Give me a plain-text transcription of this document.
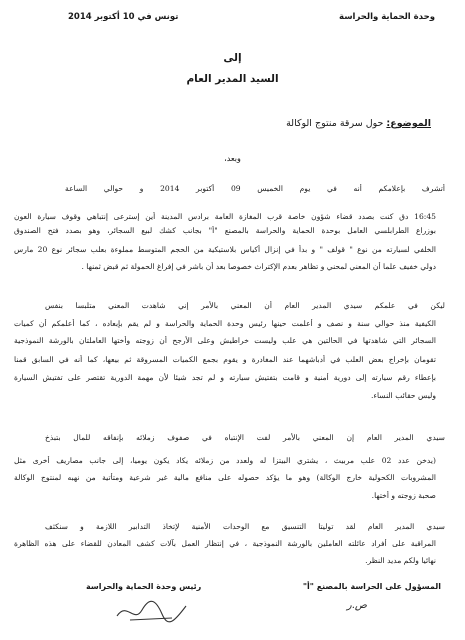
وحدة الحماية والحراسة
تونس في 10 أكتوبر 2014
إلى
السيد المدير العام
الموضوع: حول سرقة منتوج الوكالة
وبعد،
أتشرف بإعلامكم أنه في يوم الخميس 09 أكتوبر 2014 و حوالي الساعة
16:45 دق كنت بصدد قضاء شؤون خاصة قرب المغازة العامة برادس المدينة أين إسترعى إنتباهي وقوف سيارة العون
بوزراع الطرابلسي العامل بوحدة الحماية والحراسة بالمصنع "أ" بجانب كشك لبيع السجائر، وهو بصدد فتح الصندوق
الخلفي لسيارته من نوع " قولف " و بدأ في إنزال أكياس بلاستيكية من الحجم المتوسط مملوءة بعلب سجائر نوع 20 مارس
دولي خفيف علما أن المعني لمحني و تظاهر بعدم الإكتراث خصوصا بعد أن باشر في إفراغ الحمولة ثم قبض ثمنها .
ليكن في علمكم سيدي المدير العام أن المعني بالأمر إني شاهدت المعني متلبسا بنفس
الكيفية منذ حوالي سنة و نصف و أعلمت حينها رئيس وحدة الحماية والحراسة و لم يقم بإبعاده ، كما أعلمكم أن كميات
السجائر التي شاهدتها في الحالتين هي علب وليست خراطيش وعلى الأرجح أن زوجته وأختها العاملتان بالورشة النموذجية
تقومان بإخراج بعض العلب في أدباشهما عند المغادرة و يقوم بجمع الكميات المسروقة ثم بيعها، كما أنه في السابق قمنا
بإعطاء رقم سيارته إلى دورية أمنية و قامت بتفتيش سيارته و لم تجد شيئا لأن مهمة الدورية تقتصر على تفتيش السيارة
وليس حقائب النساء.
سيدي المدير العام إن المعني بالأمر لفت الإنتباه في صفوف زملائه بإنفاقه للمال بتبذخ
(يدخن عدد 02 علب مربيث ، يشتري البيتزا له ولعدد من زملائه يكاد يكون يوميا، إلى جانب مصاريف أخرى مثل
المشروبات الكحولية خارج الوكالة) وهو ما يؤكد حصوله على منافع مالية غير شرعية ومتأتية من نهبه لمنتوج الوكالة
صحبة زوجته و أختها.
سيدي المدير العام لقد توليتا التنسيق مع الوحدات الأمنية لإتخاذ التدابير اللازمة و سنكثف
المراقبة على أفراد عائلته العاملين بالورشة النموذجية ، في إنتظار العمل بآلات كشف المعادن للقضاء على هذه الظاهرة
نهائيا ولكم مديد النظر.
المسؤول على الحراسة بالمصنع "أ"
رئيس وحدة الحماية والحراسة
ص.ر
